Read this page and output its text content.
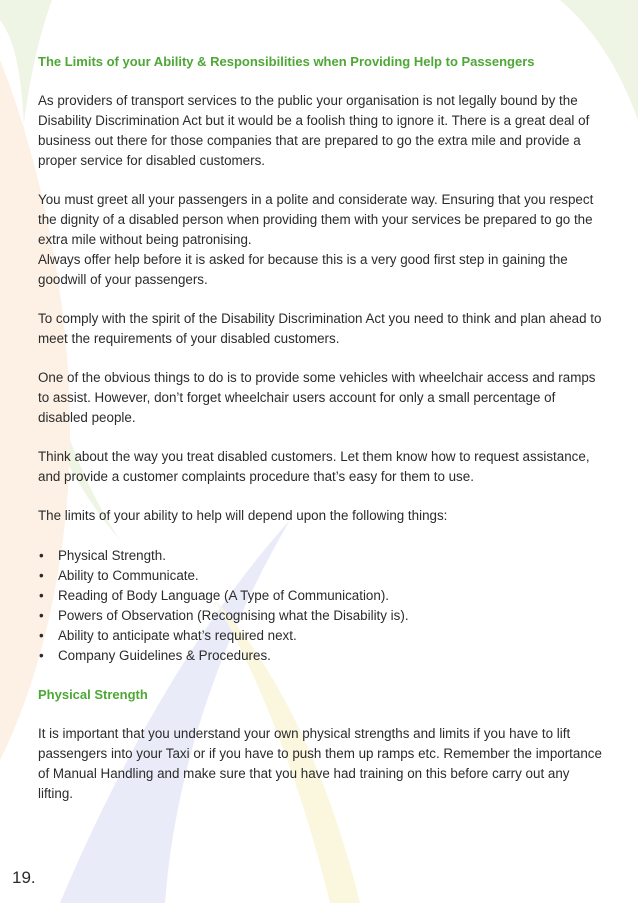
The Limits of your Ability & Responsibilities when Providing Help to Passengers

As providers of transport services to the public your organisation is not legally bound by the Disability Discrimination Act but it would be a foolish thing to ignore it. There is a great deal of business out there for those companies that are prepared to go the extra mile and provide a proper service for disabled customers.

You must greet all your passengers in a polite and considerate way. Ensuring that you respect the dignity of a disabled person when providing them with your services be prepared to go the extra mile without being patronising.

Always offer help before it is asked for because this is a very good first step in gaining the goodwill of your passengers.

To comply with the spirit of the Disability Discrimination Act you need to think and plan ahead to meet the requirements of your disabled customers.

One of the obvious things to do is to provide some vehicles with wheelchair access and ramps to assist. However, don’t forget wheelchair users account for only a small percentage of disabled people.

Think about the way you treat disabled customers. Let them know how to request assistance, and provide a customer complaints procedure that’s easy for them to use.

The limits of your ability to help will depend upon the following things:

• Physical Strength.
• Ability to Communicate.
• Reading of Body Language (A Type of Communication).
• Powers of Observation (Recognising what the Disability is).
• Ability to anticipate what’s required next.
• Company Guidelines & Procedures.
Physical Strength

It is important that you understand your own physical strengths and limits if you have to lift passengers into your Taxi or if you have to push them up ramps etc. Remember the importance of Manual Handling and make sure that you have had training on this before carry out any lifting.

19.
